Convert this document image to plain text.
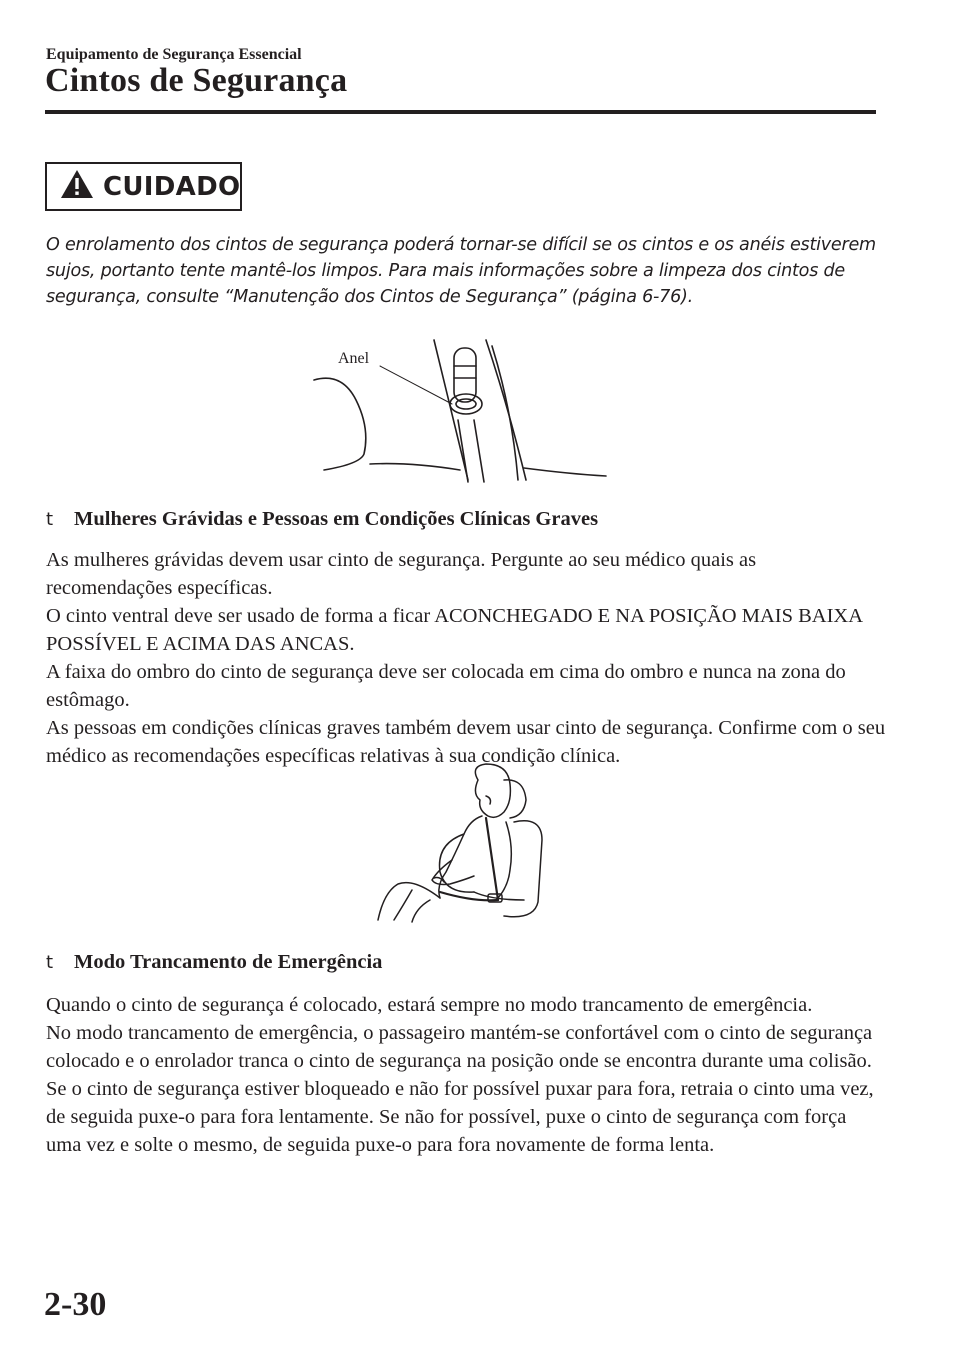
Equipamento de Segurança Essencial
Cintos de Segurança
CUIDADO
O enrolamento dos cintos de segurança poderá tornar-se difícil se os cintos e os anéis estiverem sujos, portanto tente mantê-los limpos. Para mais informações sobre a limpeza dos cintos de segurança, consulte “Manutenção dos Cintos de Segurança” (página 6-76).
Anel
t	Mulheres Grávidas e Pessoas em Condições Clínicas Graves

As mulheres grávidas devem usar cinto de segurança. Pergunte ao seu médico quais as recomendações específicas.

O cinto ventral deve ser usado de forma a ficar ACONCHEGADO E NA POSIÇÃO MAIS BAIXA POSSÍVEL E ACIMA DAS ANCAS.

A faixa do ombro do cinto de segurança deve ser colocada em cima do ombro e nunca na zona do estômago.

As pessoas em condições clínicas graves também devem usar cinto de segurança. Confirme com o seu médico as recomendações específicas relativas à sua condição clínica.

t	Modo Trancamento de Emergência

Quando o cinto de segurança é colocado, estará sempre no modo trancamento de emergência.

No modo trancamento de emergência, o passageiro mantém-se confortável com o cinto de segurança colocado e o enrolador tranca o cinto de segurança na posição onde se encontra durante uma colisão.

Se o cinto de segurança estiver bloqueado e não for possível puxar para fora, retraia o cinto uma vez, de seguida puxe-o para fora lentamente. Se não for possível, puxe o cinto de segurança com força uma vez e solte o mesmo, de seguida puxe-o para fora novamente de forma lenta.

2-30
